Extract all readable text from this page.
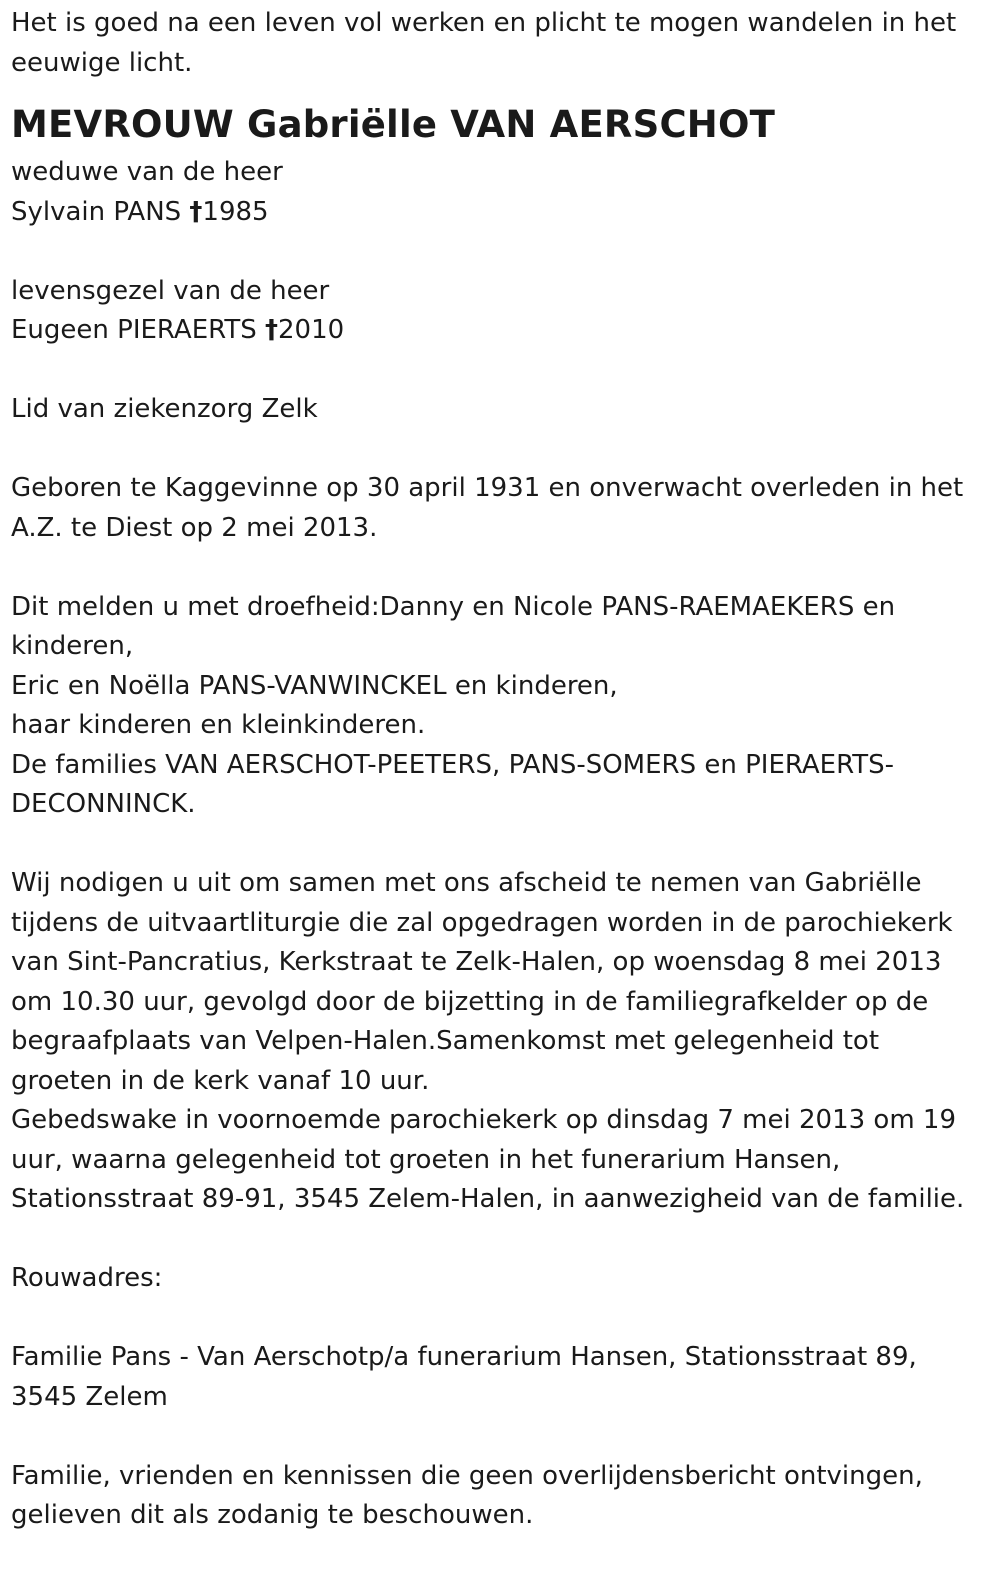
Het is goed na een leven vol werken en plicht te mogen wandelen in het
eeuwige licht.
MEVROUW Gabriëlle VAN AERSCHOT
weduwe van de heer
Sylvain PANS †1985
levensgezel van de heer
Eugeen PIERAERTS †2010
Lid van ziekenzorg Zelk
Geboren te Kaggevinne op 30 april 1931 en onverwacht overleden in het
A.Z. te Diest op 2 mei 2013.
Dit melden u met droefheid:Danny en Nicole PANS-RAEMAEKERS en
kinderen,
Eric en Noëlla PANS-VANWINCKEL en kinderen,
haar kinderen en kleinkinderen.
De families VAN AERSCHOT-PEETERS, PANS-SOMERS en PIERAERTS-
DECONNINCK.
Wij nodigen u uit om samen met ons afscheid te nemen van Gabriëlle
tijdens de uitvaartliturgie die zal opgedragen worden in de parochiekerk
van Sint-Pancratius, Kerkstraat te Zelk-Halen, op woensdag 8 mei 2013
om 10.30 uur, gevolgd door de bijzetting in de familiegrafkelder op de
begraafplaats van Velpen-Halen.Samenkomst met gelegenheid tot
groeten in de kerk vanaf 10 uur.
Gebedswake in voornoemde parochiekerk op dinsdag 7 mei 2013 om 19
uur, waarna gelegenheid tot groeten in het funerarium Hansen,
Stationsstraat 89-91, 3545 Zelem-Halen, in aanwezigheid van de familie.
Rouwadres:
Familie Pans - Van Aerschotp/a funerarium Hansen, Stationsstraat 89,
3545 Zelem
Familie, vrienden en kennissen die geen overlijdensbericht ontvingen,
gelieven dit als zodanig te beschouwen.
